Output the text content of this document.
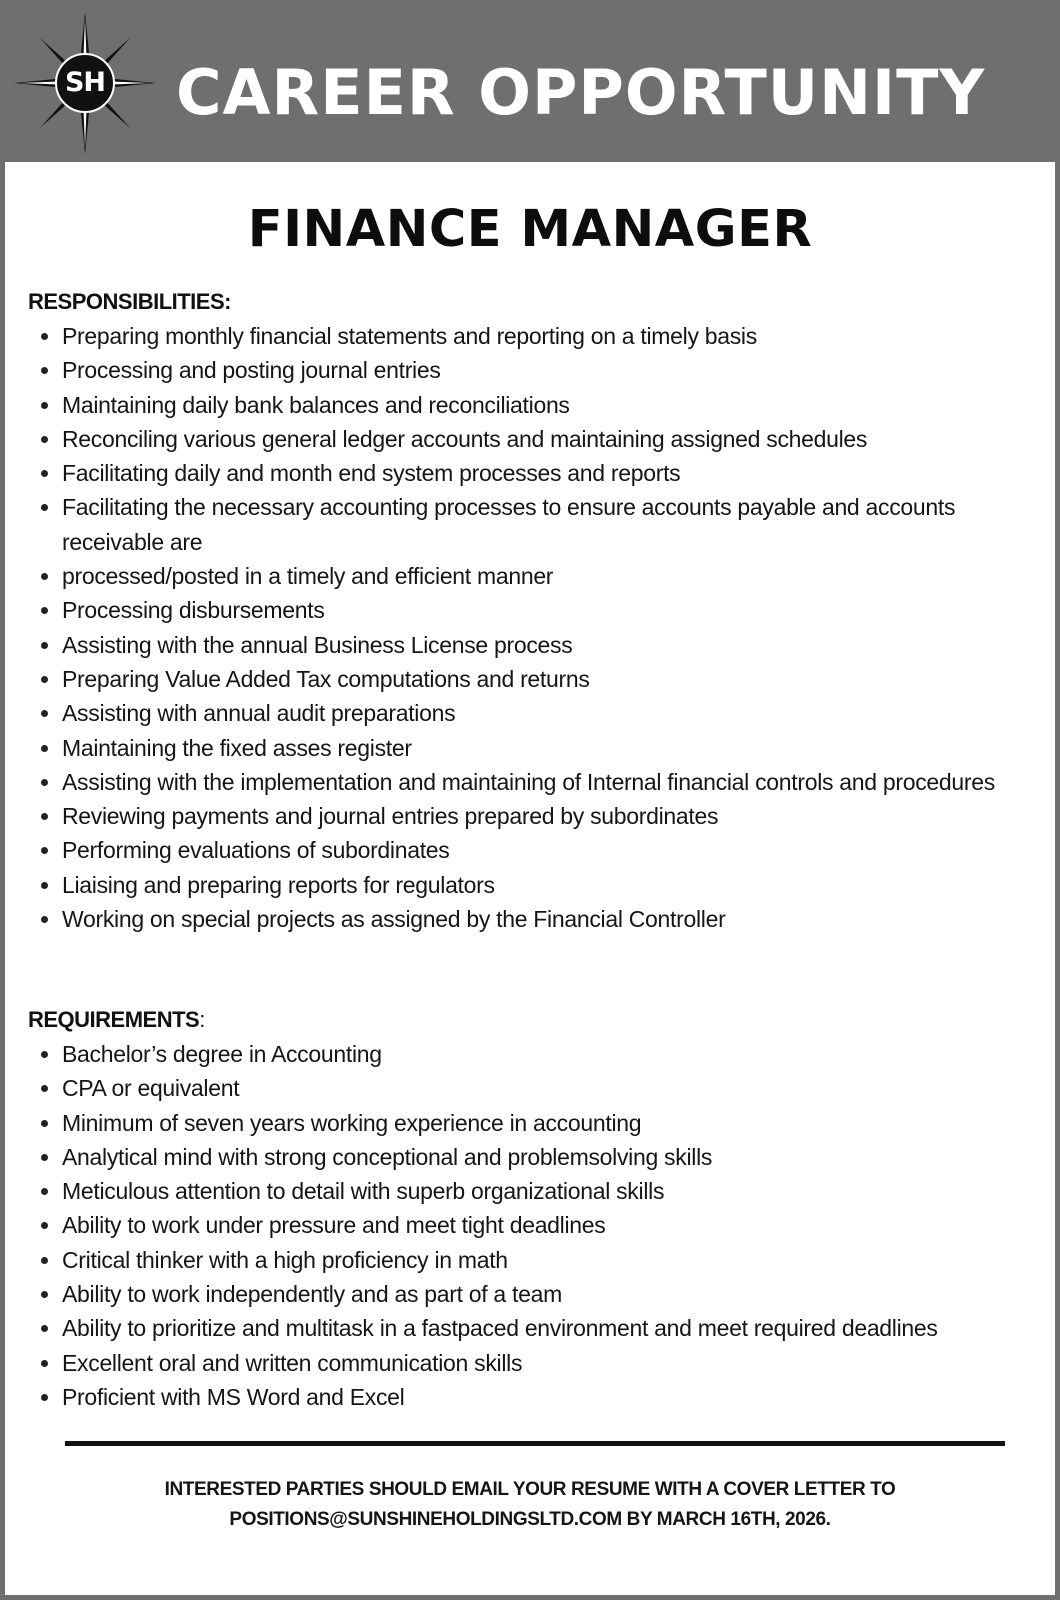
SH	CAREER OPPORTUNITY
FINANCE MANAGER
RESPONSIBILITIES:
Preparing monthly financial statements and reporting on a timely basis
Processing and posting journal entries
Maintaining daily bank balances and reconciliations
Reconciling various general ledger accounts and maintaining assigned schedules
Facilitating daily and month end system processes and reports
Facilitating the necessary accounting processes to ensure accounts payable and accounts receivable are
processed/posted in a timely and efficient manner
Processing disbursements
Assisting with the annual Business License process
Preparing Value Added Tax computations and returns
Assisting with annual audit preparations
Maintaining the fixed asses register
Assisting with the implementation and maintaining of Internal financial controls and procedures
Reviewing payments and journal entries prepared by subordinates
Performing evaluations of subordinates
Liaising and preparing reports for regulators
Working on special projects as assigned by the Financial Controller
REQUIREMENTS:
Bachelor’s degree in Accounting
CPA or equivalent
Minimum of seven years working experience in accounting
Analytical mind with strong conceptional and problemsolving skills
Meticulous attention to detail with superb organizational skills
Ability to work under pressure and meet tight deadlines
Critical thinker with a high proficiency in math
Ability to work independently and as part of a team
Ability to prioritize and multitask in a fastpaced environment and meet required deadlines
Excellent oral and written communication skills
Proficient with MS Word and Excel
INTERESTED PARTIES SHOULD EMAIL YOUR RESUME WITH A COVER LETTER TO
POSITIONS@SUNSHINEHOLDINGSLTD.COM BY MARCH 16TH, 2026.
